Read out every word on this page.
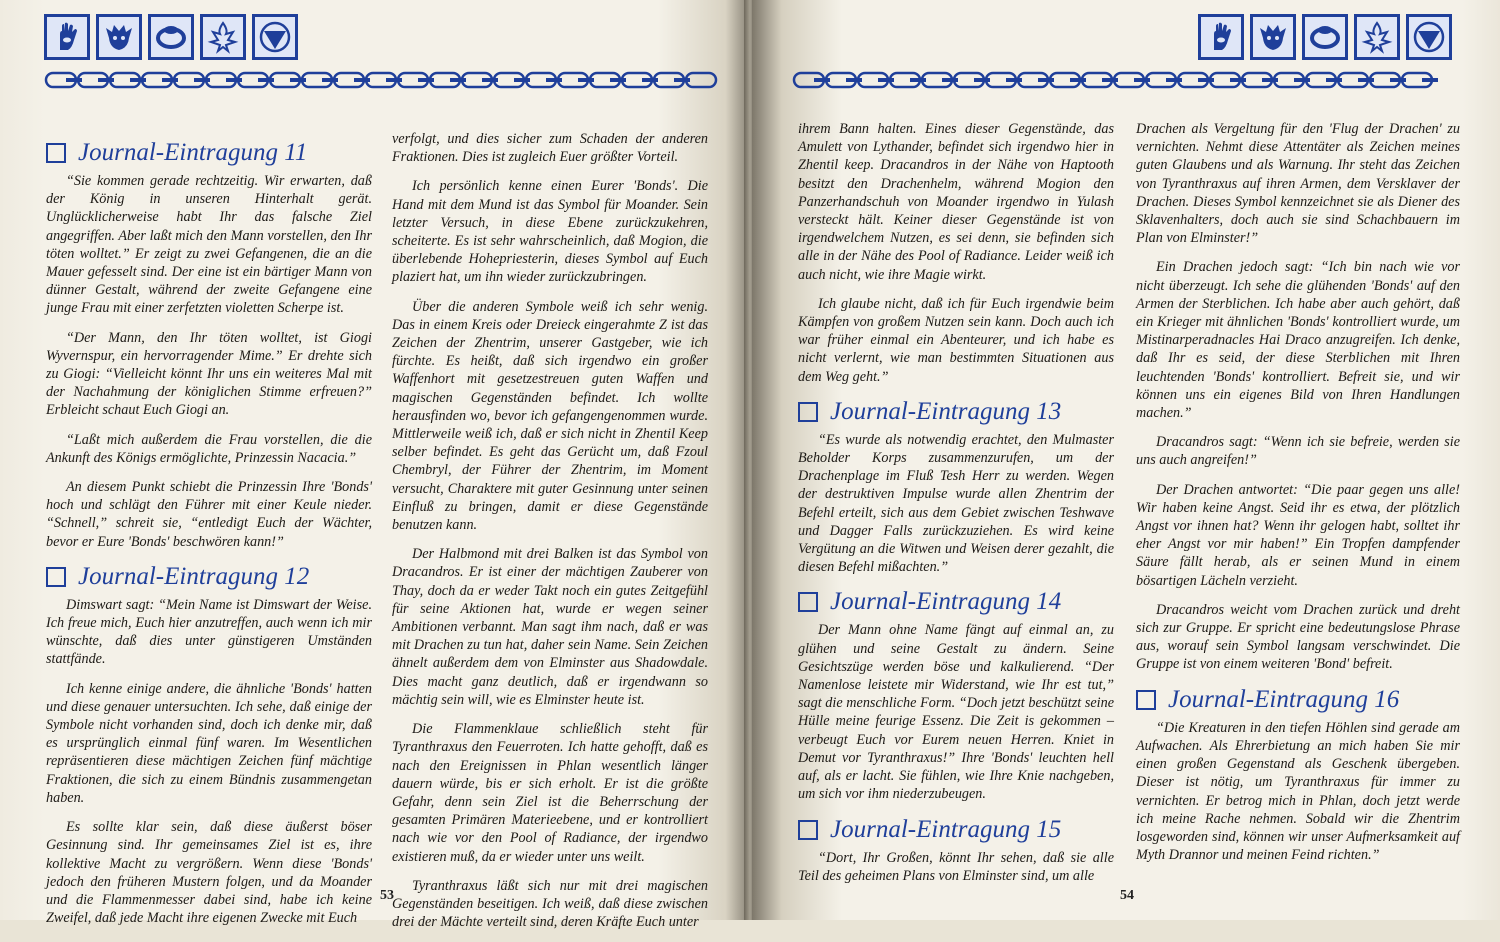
Journal-Eintragung 11

“Sie kommen gerade rechtzeitig. Wir erwarten, daß der König in unseren Hinterhalt gerät. Unglücklicherweise habt Ihr das falsche Ziel angegriffen. Aber laßt mich den Mann vorstellen, den Ihr töten wolltet.” Er zeigt zu zwei Gefangenen, die an die Mauer gefesselt sind. Der eine ist ein bärtiger Mann von dünner Gestalt, während der zweite Gefangene eine junge Frau mit einer zerfetzten violetten Scherpe ist.

“Der Mann, den Ihr töten wolltet, ist Giogi Wyvernspur, ein hervorragender Mime.” Er drehte sich zu Giogi: “Vielleicht könnt Ihr uns ein weiteres Mal mit der Nachahmung der königlichen Stimme erfreuen?” Erbleicht schaut Euch Giogi an.

“Laßt mich außerdem die Frau vorstellen, die die Ankunft des Königs ermöglichte, Prinzessin Nacacia.”

An diesem Punkt schiebt die Prinzessin Ihre 'Bonds' hoch und schlägt den Führer mit einer Keule nieder. “Schnell,” schreit sie, “entledigt Euch der Wächter, bevor er Eure 'Bonds' beschwören kann!”

Journal-Eintragung 12

Dimswart sagt: “Mein Name ist Dimswart der Weise. Ich freue mich, Euch hier anzutreffen, auch wenn ich mir wünschte, daß dies unter günstigeren Umständen stattfände.

Ich kenne einige andere, die ähnliche 'Bonds' hatten und diese genauer untersuchten. Ich sehe, daß einige der Symbole nicht vorhanden sind, doch ich denke mir, daß es ursprünglich einmal fünf waren. Im Wesentlichen repräsentieren diese mächtigen Zeichen fünf mächtige Fraktionen, die sich zu einem Bündnis zusammengetan haben.

Es sollte klar sein, daß diese äußerst böser Gesinnung sind. Ihr gemeinsames Ziel ist es, ihre kollektive Macht zu vergrößern. Wenn diese 'Bonds' jedoch den früheren Mustern folgen, und da Moander und die Flammenmesser dabei sind, habe ich keine Zweifel, daß jede Macht ihre eigenen Zwecke mit Euch

verfolgt, und dies sicher zum Schaden der anderen Fraktionen. Dies ist zugleich Euer größter Vorteil.

Ich persönlich kenne einen Eurer 'Bonds'. Die Hand mit dem Mund ist das Symbol für Moander. Sein letzter Versuch, in diese Ebene zurückzukehren, scheiterte. Es ist sehr wahrscheinlich, daß Mogion, die überlebende Hohepriesterin, dieses Symbol auf Euch plaziert hat, um ihn wieder zurückzubringen.

Über die anderen Symbole weiß ich sehr wenig. Das in einem Kreis oder Dreieck eingerahmte Z ist das Zeichen der Zhentrim, unserer Gastgeber, wie ich fürchte. Es heißt, daß sich irgendwo ein großer Waffenhort mit gesetzestreuen guten Waffen und magischen Gegenständen befindet. Ich wollte herausfinden wo, bevor ich gefangengenommen wurde. Mittlerweile weiß ich, daß er sich nicht in Zhentil Keep selber befindet. Es geht das Gerücht um, daß Fzoul Chembryl, der Führer der Zhentrim, im Moment versucht, Charaktere mit guter Gesinnung unter seinen Einfluß zu bringen, damit er diese Gegenstände benutzen kann.

Der Halbmond mit drei Balken ist das Symbol von Dracandros. Er ist einer der mächtigen Zauberer von Thay, doch da er weder Takt noch ein gutes Zeitgefühl für seine Aktionen hat, wurde er wegen seiner Ambitionen verbannt. Man sagt ihm nach, daß er was mit Drachen zu tun hat, daher sein Name. Sein Zeichen ähnelt außerdem dem von Elminster aus Shadowdale. Dies macht ganz deutlich, daß er irgendwann so mächtig sein will, wie es Elminster heute ist.

Die Flammenklaue schließlich steht für Tyranthraxus den Feuerroten. Ich hatte gehofft, daß es nach den Ereignissen in Phlan wesentlich länger dauern würde, bis er sich erholt. Er ist die größte Gefahr, denn sein Ziel ist die Beherrschung der gesamten Primären Materieebene, und er kontrolliert nach wie vor den Pool of Radiance, der irgendwo existieren muß, da er wieder unter uns weilt.

Tyranthraxus läßt sich nur mit drei magischen Gegenständen beseitigen. Ich weiß, daß diese zwischen drei der Mächte verteilt sind, deren Kräfte Euch unter

53

ihrem Bann halten. Eines dieser Gegenstände, das Amulett von Lythander, befindet sich irgendwo hier in Zhentil keep. Dracandros in der Nähe von Haptooth besitzt den Drachenhelm, während Mogion den Panzerhandschuh von Moander irgendwo in Yulash versteckt hält. Keiner dieser Gegenstände ist von irgendwelchem Nutzen, es sei denn, sie befinden sich alle in der Nähe des Pool of Radiance. Leider weiß ich auch nicht, wie ihre Magie wirkt.

Ich glaube nicht, daß ich für Euch irgendwie beim Kämpfen von großem Nutzen sein kann. Doch auch ich war früher einmal ein Abenteurer, und ich habe es nicht verlernt, wie man bestimmten Situationen aus dem Weg geht.”

Journal-Eintragung 13

“Es wurde als notwendig erachtet, den Mulmaster Beholder Korps zusammenzurufen, um der Drachenplage im Fluß Tesh Herr zu werden. Wegen der destruktiven Impulse wurde allen Zhentrim der Befehl erteilt, sich aus dem Gebiet zwischen Teshwave und Dagger Falls zurückzuziehen. Es wird keine Vergütung an die Witwen und Weisen derer gezahlt, die diesen Befehl mißachten.”

Journal-Eintragung 14

Der Mann ohne Name fängt auf einmal an, zu glühen und seine Gestalt zu ändern. Seine Gesichtszüge werden böse und kalkulierend. “Der Namenlose leistete mir Widerstand, wie Ihr est tut,” sagt die menschliche Form. “Doch jetzt beschützt seine Hülle meine feurige Essenz. Die Zeit is gekommen – verbeugt Euch vor Eurem neuen Herren. Kniet in Demut vor Tyranthraxus!” Ihre 'Bonds' leuchten hell auf, als er lacht. Sie fühlen, wie Ihre Knie nachgeben, um sich vor ihm niederzubeugen.

Journal-Eintragung 15

“Dort, Ihr Großen, könnt Ihr sehen, daß sie alle Teil des geheimen Plans von Elminster sind, um alle

Drachen als Vergeltung für den 'Flug der Drachen' zu vernichten. Nehmt diese Attentäter als Zeichen meines guten Glaubens und als Warnung. Ihr steht das Zeichen von Tyranthraxus auf ihren Armen, dem Versklaver der Drachen. Dieses Symbol kennzeichnet sie als Diener des Sklavenhalters, doch auch sie sind Schachbauern im Plan von Elminster!”

Ein Drachen jedoch sagt: “Ich bin nach wie vor nicht überzeugt. Ich sehe die glühenden 'Bonds' auf den Armen der Sterblichen. Ich habe aber auch gehört, daß ein Krieger mit ähnlichen 'Bonds' kontrolliert wurde, um Mistinarperadnacles Hai Draco anzugreifen. Ich denke, daß Ihr es seid, der diese Sterblichen mit Ihren leuchtenden 'Bonds' kontrolliert. Befreit sie, und wir können uns ein eigenes Bild von Ihren Handlungen machen.”

Dracandros sagt: “Wenn ich sie befreie, werden sie uns auch angreifen!”

Der Drachen antwortet: “Die paar gegen uns alle! Wir haben keine Angst. Seid ihr es etwa, der plötzlich Angst vor ihnen hat? Wenn ihr gelogen habt, solltet ihr eher Angst vor mir haben!” Ein Tropfen dampfender Säure fällt herab, als er seinen Mund in einem bösartigen Lächeln verzieht.

Dracandros weicht vom Drachen zurück und dreht sich zur Gruppe. Er spricht eine bedeutungslose Phrase aus, worauf sein Symbol langsam verschwindet. Die Gruppe ist von einem weiteren 'Bond' befreit.

Journal-Eintragung 16

“Die Kreaturen in den tiefen Höhlen sind gerade am Aufwachen. Als Ehrerbietung an mich haben Sie mir einen großen Gegenstand als Geschenk übergeben. Dieser ist nötig, um Tyranthraxus für immer zu vernichten. Er betrog mich in Phlan, doch jetzt werde ich meine Rache nehmen. Sobald wir die Zhentrim losgeworden sind, können wir unser Aufmerksamkeit auf Myth Drannor und meinen Feind richten.”

54
